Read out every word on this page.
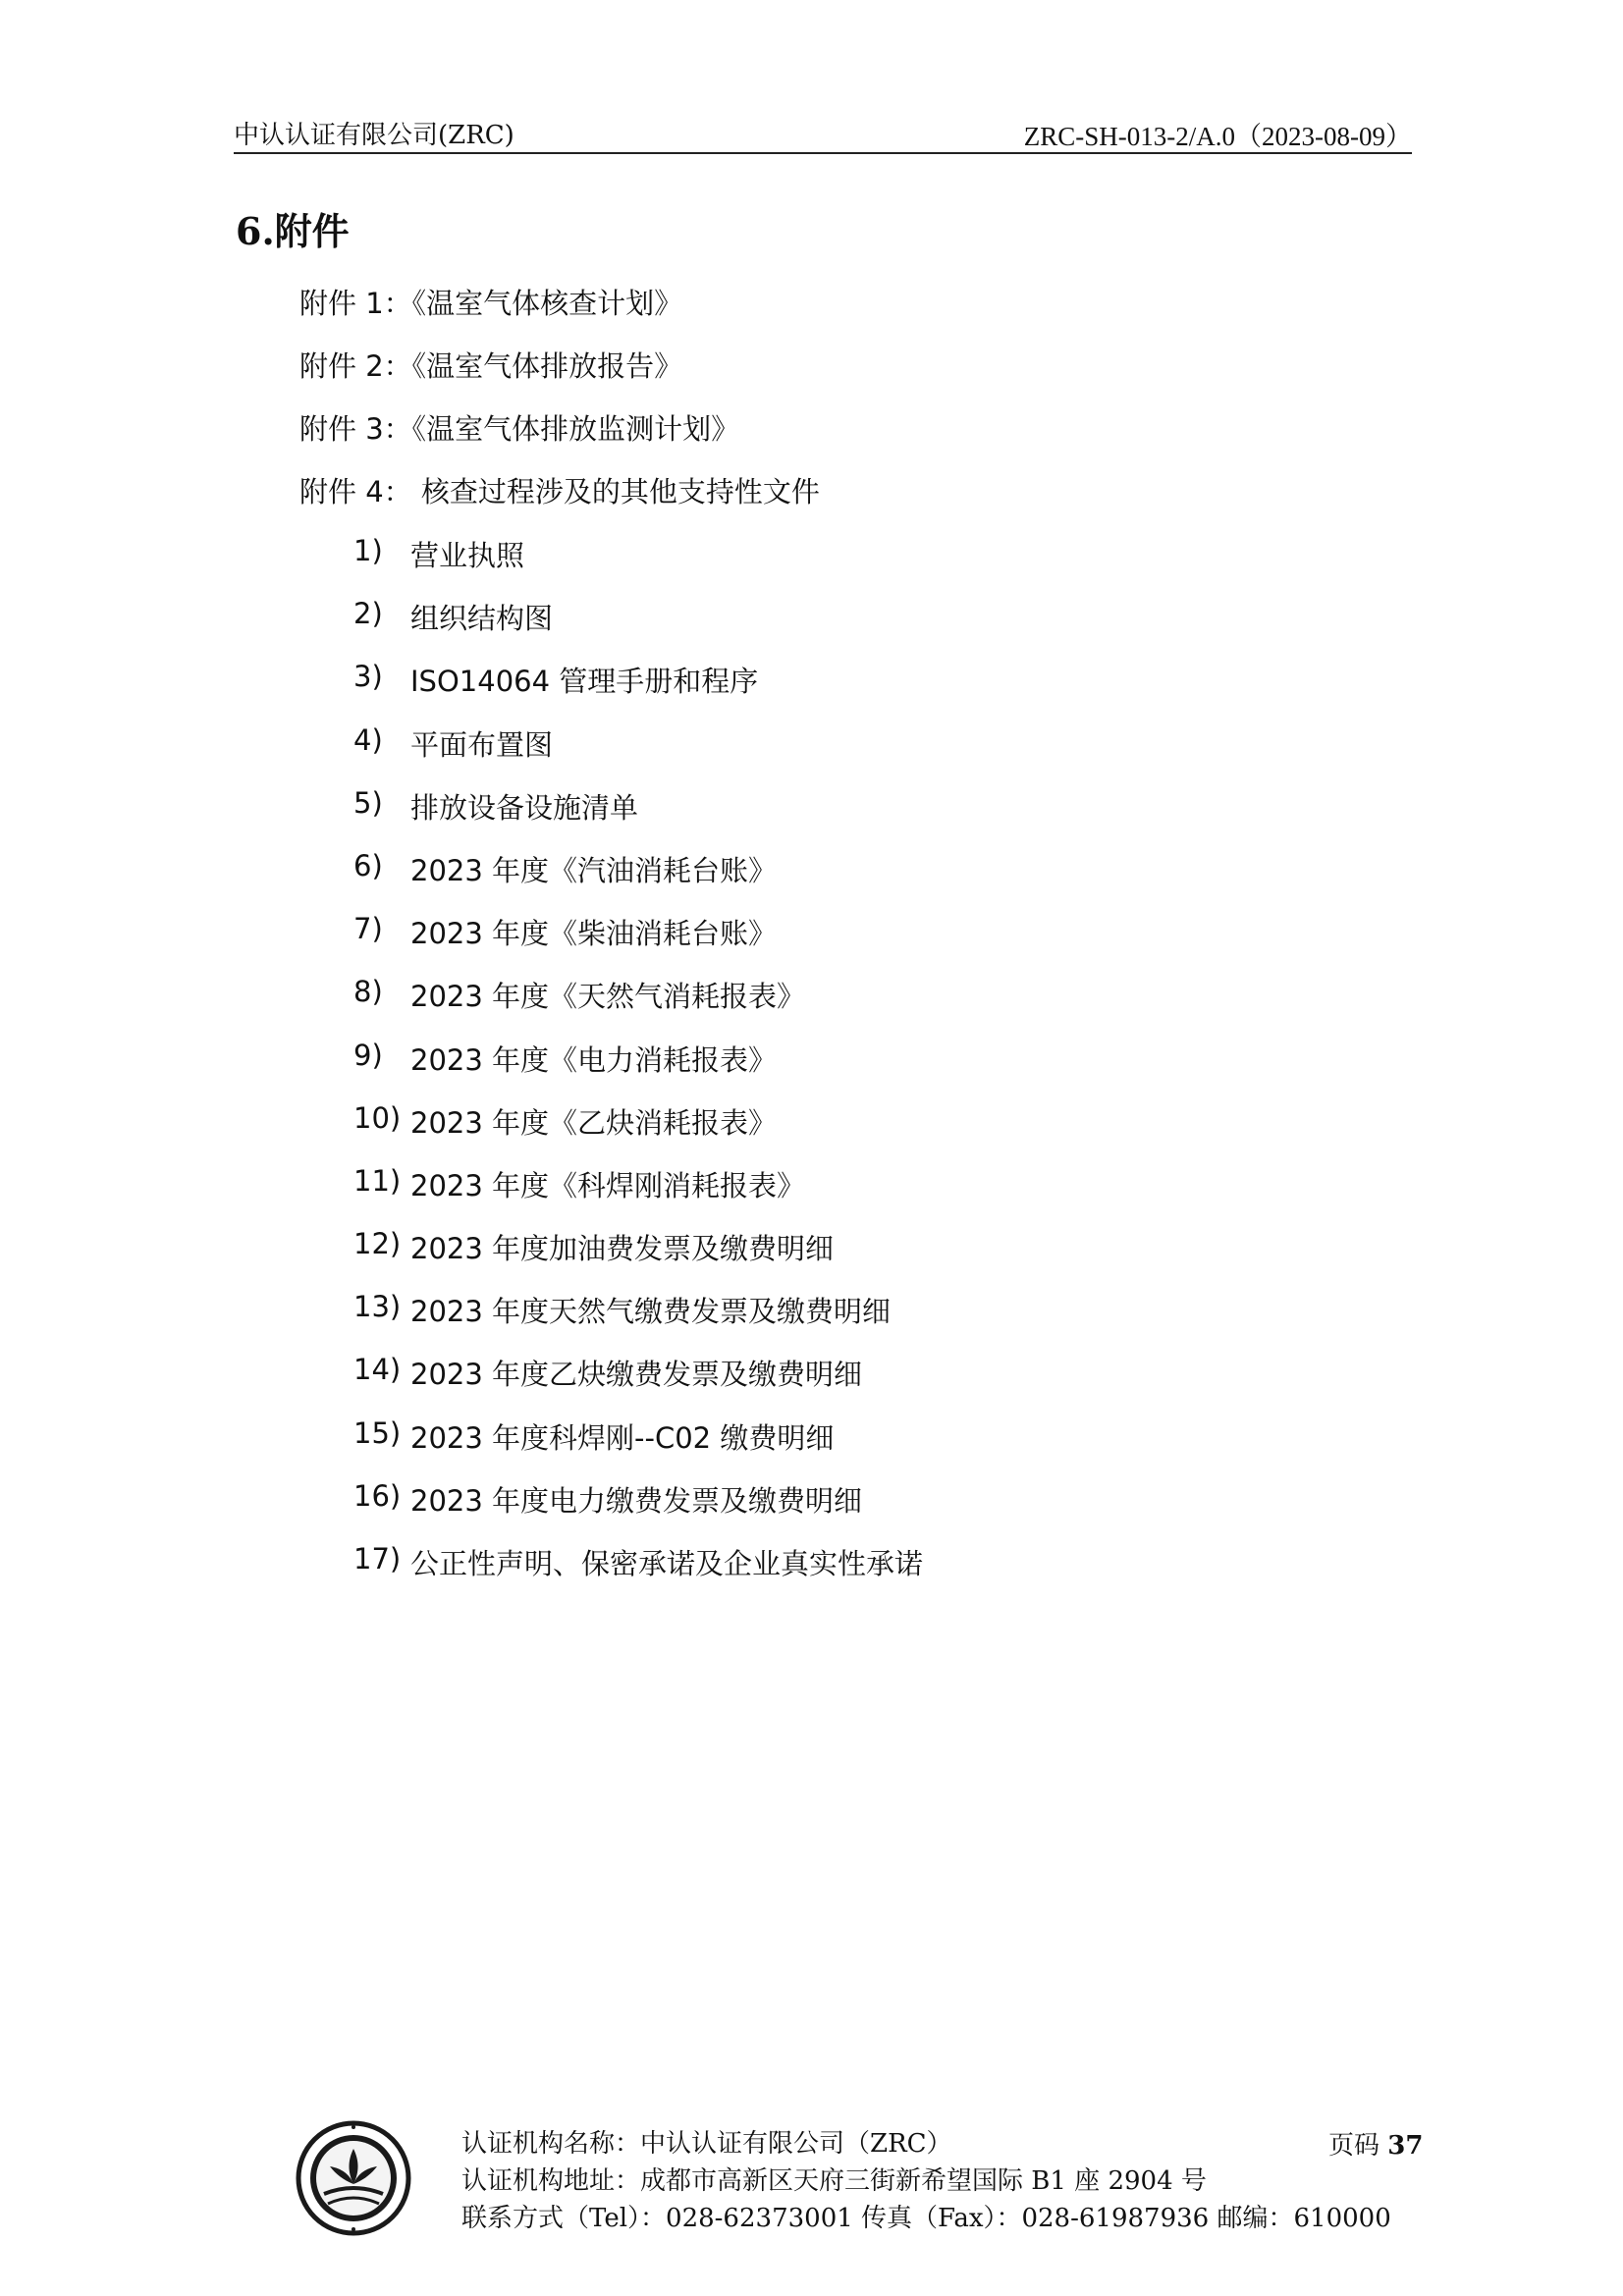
中认认证有限公司(ZRC)	ZRC-SH-013-2/A.0（2023-08-09）
6.附件
附件 1：《温室气体核查计划》
附件 2：《温室气体排放报告》
附件 3：《温室气体排放监测计划》
附件 4： 核查过程涉及的其他支持性文件
1) 营业执照
2) 组织结构图
3) ISO14064 管理手册和程序
4) 平面布置图
5) 排放设备设施清单
6) 2023 年度《汽油消耗台账》
7) 2023 年度《柴油消耗台账》
8) 2023 年度《天然气消耗报表》
9) 2023 年度《电力消耗报表》
10) 2023 年度《乙炔消耗报表》
11) 2023 年度《科焊刚消耗报表》
12) 2023 年度加油费发票及缴费明细
13) 2023 年度天然气缴费发票及缴费明细
14) 2023 年度乙炔缴费发票及缴费明细
15) 2023 年度科焊刚--C02 缴费明细
16) 2023 年度电力缴费发票及缴费明细
17) 公正性声明、保密承诺及企业真实性承诺
认证机构名称：中认认证有限公司（ZRC）
认证机构地址：成都市高新区天府三街新希望国际 B1 座 2904 号
联系方式（Tel）：028-62373001 传真（Fax）：028-61987936 邮编：610000
页码 37
